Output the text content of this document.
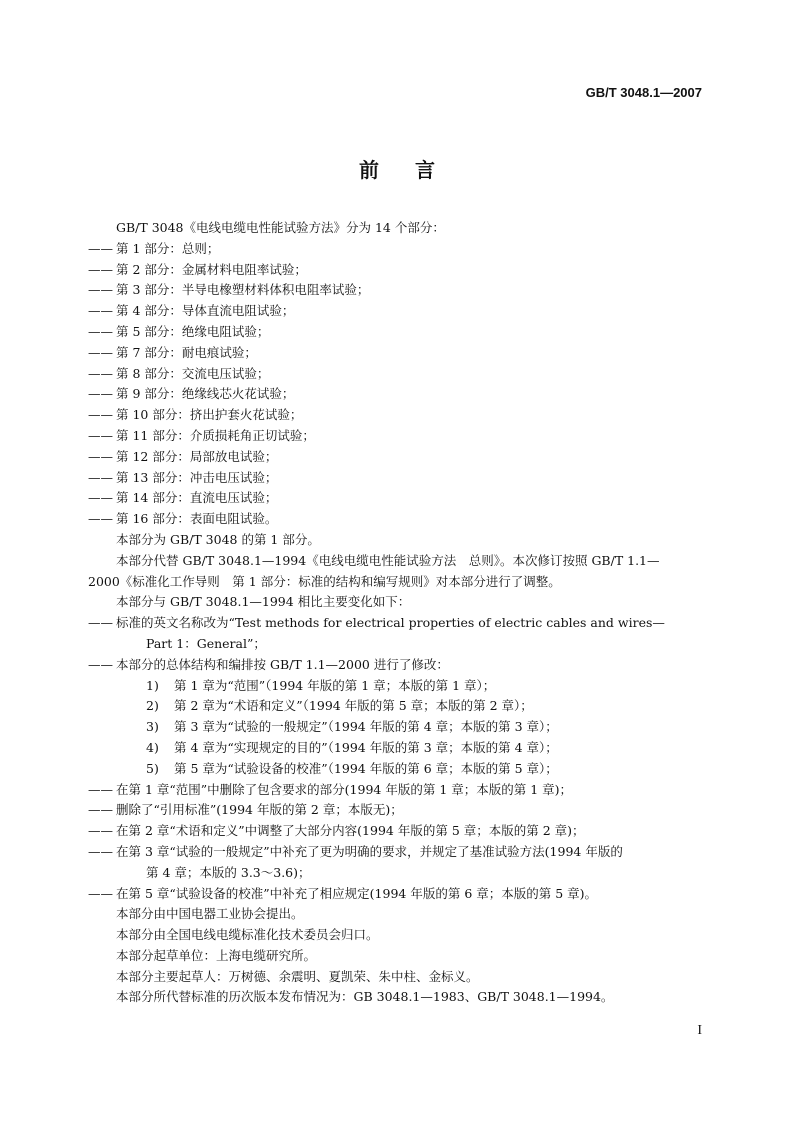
GB/T 3048.1—2007
前言
GB/T 3048《电线电缆电性能试验方法》分为 14 个部分：
—— 第 1 部分：总则；
—— 第 2 部分：金属材料电阻率试验；
—— 第 3 部分：半导电橡塑材料体积电阻率试验；
—— 第 4 部分：导体直流电阻试验；
—— 第 5 部分：绝缘电阻试验；
—— 第 7 部分：耐电痕试验；
—— 第 8 部分：交流电压试验；
—— 第 9 部分：绝缘线芯火花试验；
—— 第 10 部分：挤出护套火花试验；
—— 第 11 部分：介质损耗角正切试验；
—— 第 12 部分：局部放电试验；
—— 第 13 部分：冲击电压试验；
—— 第 14 部分：直流电压试验；
—— 第 16 部分：表面电阻试验。
本部分为 GB/T 3048 的第 1 部分。
本部分代替 GB/T 3048.1—1994《电线电缆电性能试验方法　总则》。本次修订按照 GB/T 1.1—
2000《标准化工作导则　第 1 部分：标准的结构和编写规则》对本部分进行了调整。
本部分与 GB/T 3048.1—1994 相比主要变化如下：
—— 标准的英文名称改为“Test methods for electrical properties of electric cables and wires—
Part 1：General”；
—— 本部分的总体结构和编排按 GB/T 1.1—2000 进行了修改：
1) 第 1 章为“范围”（1994 年版的第 1 章；本版的第 1 章）；
2) 第 2 章为“术语和定义”（1994 年版的第 5 章；本版的第 2 章）；
3) 第 3 章为“试验的一般规定”（1994 年版的第 4 章；本版的第 3 章）；
4) 第 4 章为“实现规定的目的”（1994 年版的第 3 章；本版的第 4 章）；
5) 第 5 章为“试验设备的校准”（1994 年版的第 6 章；本版的第 5 章）；
—— 在第 1 章“范围”中删除了包含要求的部分(1994 年版的第 1 章；本版的第 1 章)；
—— 删除了“引用标准”(1994 年版的第 2 章；本版无)；
—— 在第 2 章“术语和定义”中调整了大部分内容(1994 年版的第 5 章；本版的第 2 章)；
—— 在第 3 章“试验的一般规定”中补充了更为明确的要求，并规定了基准试验方法(1994 年版的
第 4 章；本版的 3.3～3.6)；
—— 在第 5 章“试验设备的校准”中补充了相应规定(1994 年版的第 6 章；本版的第 5 章)。
本部分由中国电器工业协会提出。
本部分由全国电线电缆标准化技术委员会归口。
本部分起草单位：上海电缆研究所。
本部分主要起草人：万树德、余震明、夏凯荣、朱中柱、金标义。
本部分所代替标准的历次版本发布情况为：GB 3048.1—1983、GB/T 3048.1—1994。
I
